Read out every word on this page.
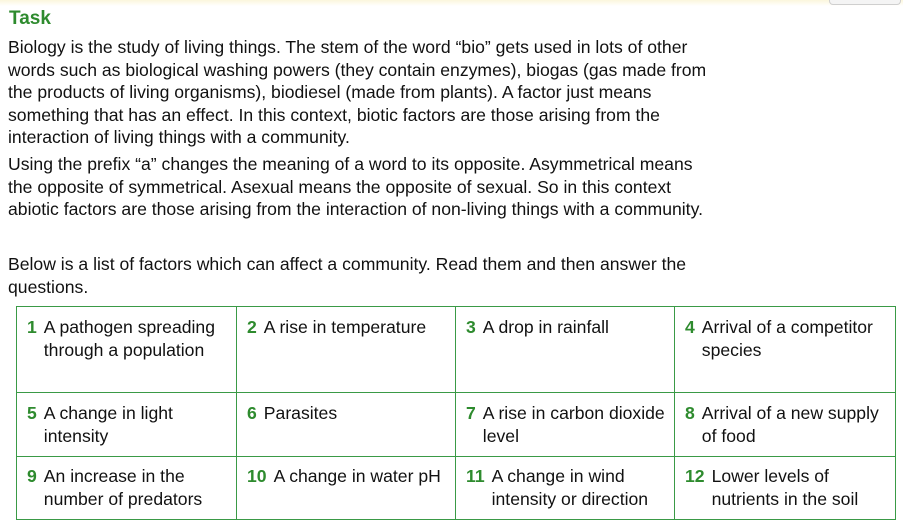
Task

Biology is the study of living things. The stem of the word “bio” gets used in lots of other words such as biological washing powers (they contain enzymes), biogas (gas made from the products of living organisms), biodiesel (made from plants). A factor just means something that has an effect. In this context, biotic factors are those arising from the interaction of living things with a community.

Using the prefix “a” changes the meaning of a word to its opposite. Asymmetrical means the opposite of symmetrical. Asexual means the opposite of sexual. So in this context abiotic factors are those arising from the interaction of non-living things with a community.

Below is a list of factors which can affect a community. Read them and then answer the questions.

1 A pathogen spreading through a population	2 A rise in temperature	3 A drop in rainfall	4 Arrival of a competitor species

5 A change in light intensity	6 Parasites	7 A rise in carbon dioxide level	8 Arrival of a new supply of food

9 An increase in the number of predators	10 A change in water pH	11 A change in wind intensity or direction	12 Lower levels of nutrients in the soil
